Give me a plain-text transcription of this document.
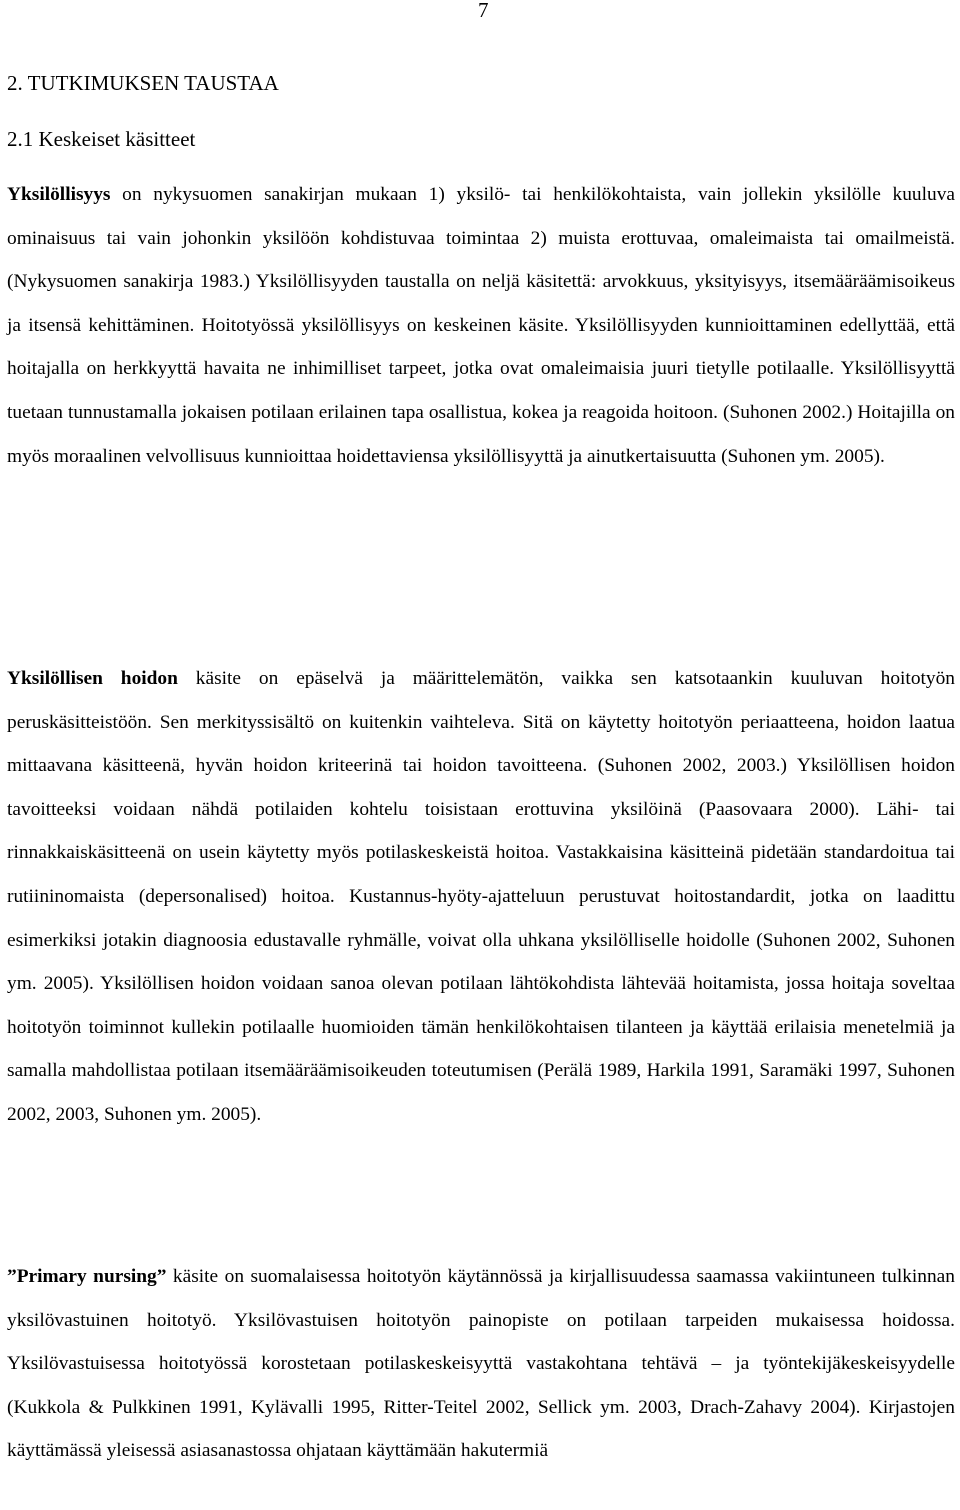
7
2. TUTKIMUKSEN TAUSTAA
2.1 Keskeiset käsitteet

Yksilöllisyys on nykysuomen sanakirjan mukaan 1) yksilö- tai henkilökohtaista, vain jollekin yksilölle kuuluva ominaisuus tai vain johonkin yksilöön kohdistuvaa toimintaa 2) muista erottuvaa, omaleimaista tai omailmeistä. (Nykysuomen sanakirja 1983.) Yksilöllisyyden taustalla on neljä käsitettä: arvokkuus, yksityisyys, itsemääräämisoikeus ja itsensä kehittäminen. Hoitotyössä yksilöllisyys on keskeinen käsite. Yksilöllisyyden kunnioittaminen edellyttää, että hoitajalla on herkkyyttä havaita ne inhimilliset tarpeet, jotka ovat omaleimaisia juuri tietylle potilaalle. Yksilöllisyyttä tuetaan tunnustamalla jokaisen potilaan erilainen tapa osallistua, kokea ja reagoida hoitoon. (Suhonen 2002.) Hoitajilla on myös moraalinen velvollisuus kunnioittaa hoidettaviensa yksilöllisyyttä ja ainutkertaisuutta (Suhonen ym. 2005).

Yksilöllisen hoidon käsite on epäselvä ja määrittelemätön, vaikka sen katsotaankin kuuluvan hoitotyön peruskäsitteistöön. Sen merkityssisältö on kuitenkin vaihteleva. Sitä on käytetty hoitotyön periaatteena, hoidon laatua mittaavana käsitteenä, hyvän hoidon kriteerinä tai hoidon tavoitteena. (Suhonen 2002, 2003.) Yksilöllisen hoidon tavoitteeksi voidaan nähdä potilaiden kohtelu toisistaan erottuvina yksilöinä (Paasovaara 2000). Lähi- tai rinnakkaiskäsitteenä on usein käytetty myös potilaskeskeistä hoitoa. Vastakkaisina käsitteinä pidetään standardoitua tai rutiininomaista (depersonalised) hoitoa. Kustannus-hyöty-ajatteluun perustuvat hoitostandardit, jotka on laadittu esimerkiksi jotakin diagnoosia edustavalle ryhmälle, voivat olla uhkana yksilölliselle hoidolle (Suhonen 2002, Suhonen ym. 2005). Yksilöllisen hoidon voidaan sanoa olevan potilaan lähtökohdista lähtevää hoitamista, jossa hoitaja soveltaa hoitotyön toiminnot kullekin potilaalle huomioiden tämän henkilökohtaisen tilanteen ja käyttää erilaisia menetelmiä ja samalla mahdollistaa potilaan itsemääräämisoikeuden toteutumisen (Perälä 1989, Harkila 1991, Saramäki 1997, Suhonen 2002, 2003, Suhonen ym. 2005).

”Primary nursing” käsite on suomalaisessa hoitotyön käytännössä ja kirjallisuudessa saamassa vakiintuneen tulkinnan yksilövastuinen hoitotyö. Yksilövastuisen hoitotyön painopiste on potilaan tarpeiden mukaisessa hoidossa. Yksilövastuisessa hoitotyössä korostetaan potilaskeskeisyyttä vastakohtana tehtävä – ja työntekijäkeskeisyydelle (Kukkola & Pulkkinen 1991, Kylävalli 1995, Ritter-Teitel 2002, Sellick ym. 2003, Drach-Zahavy 2004). Kirjastojen käyttämässä yleisessä asiasanastossa ohjataan käyttämään hakutermiä
